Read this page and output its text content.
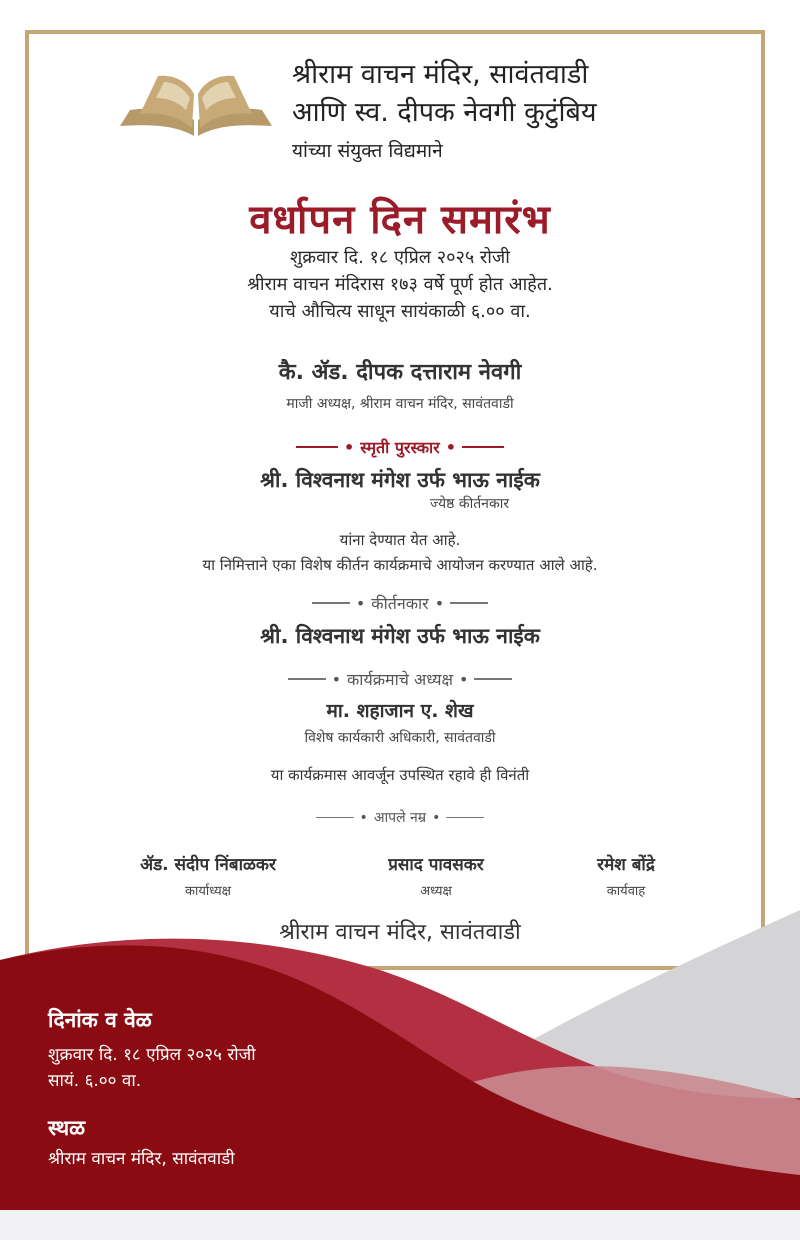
श्रीराम वाचन मंदिर, सावंतवाडी
आणि स्व. दीपक नेवगी कुटुंबिय
यांच्या संयुक्त विद्यमाने
वर्धापन दिन समारंभ
शुक्रवार दि. १८ एप्रिल २०२५ रोजी
श्रीराम वाचन मंदिरास १७३ वर्षे पूर्ण होत आहेत.
याचे औचित्य साधून सायंकाळी ६.०० वा.
कै. ॲड. दीपक दत्ताराम नेवगी
माजी अध्यक्ष, श्रीराम वाचन मंदिर, सावंतवाडी
• स्मृती पुरस्कार •
श्री. विश्वनाथ मंगेश उर्फ भाऊ नाईक
ज्येष्ठ कीर्तनकार
यांना देण्यात येत आहे.
या निमित्ताने एका विशेष कीर्तन कार्यक्रमाचे आयोजन करण्यात आले आहे.
• कीर्तनकार •
श्री. विश्वनाथ मंगेश उर्फ भाऊ नाईक
• कार्यक्रमाचे अध्यक्ष •
मा. शहाजान ए. शेख
विशेष कार्यकारी अधिकारी, सावंतवाडी
या कार्यक्रमास आवर्जून उपस्थित रहावे ही विनंती
• आपले नम्र •
ॲड. संदीप निंबाळकर
कार्याध्यक्ष
प्रसाद पावसकर
अध्यक्ष
रमेश बोंद्रे
कार्यवाह
श्रीराम वाचन मंदिर, सावंतवाडी
दिनांक व वेळ
शुक्रवार दि. १८ एप्रिल २०२५ रोजी
सायं. ६.०० वा.
स्थळ
श्रीराम वाचन मंदिर, सावंतवाडी
